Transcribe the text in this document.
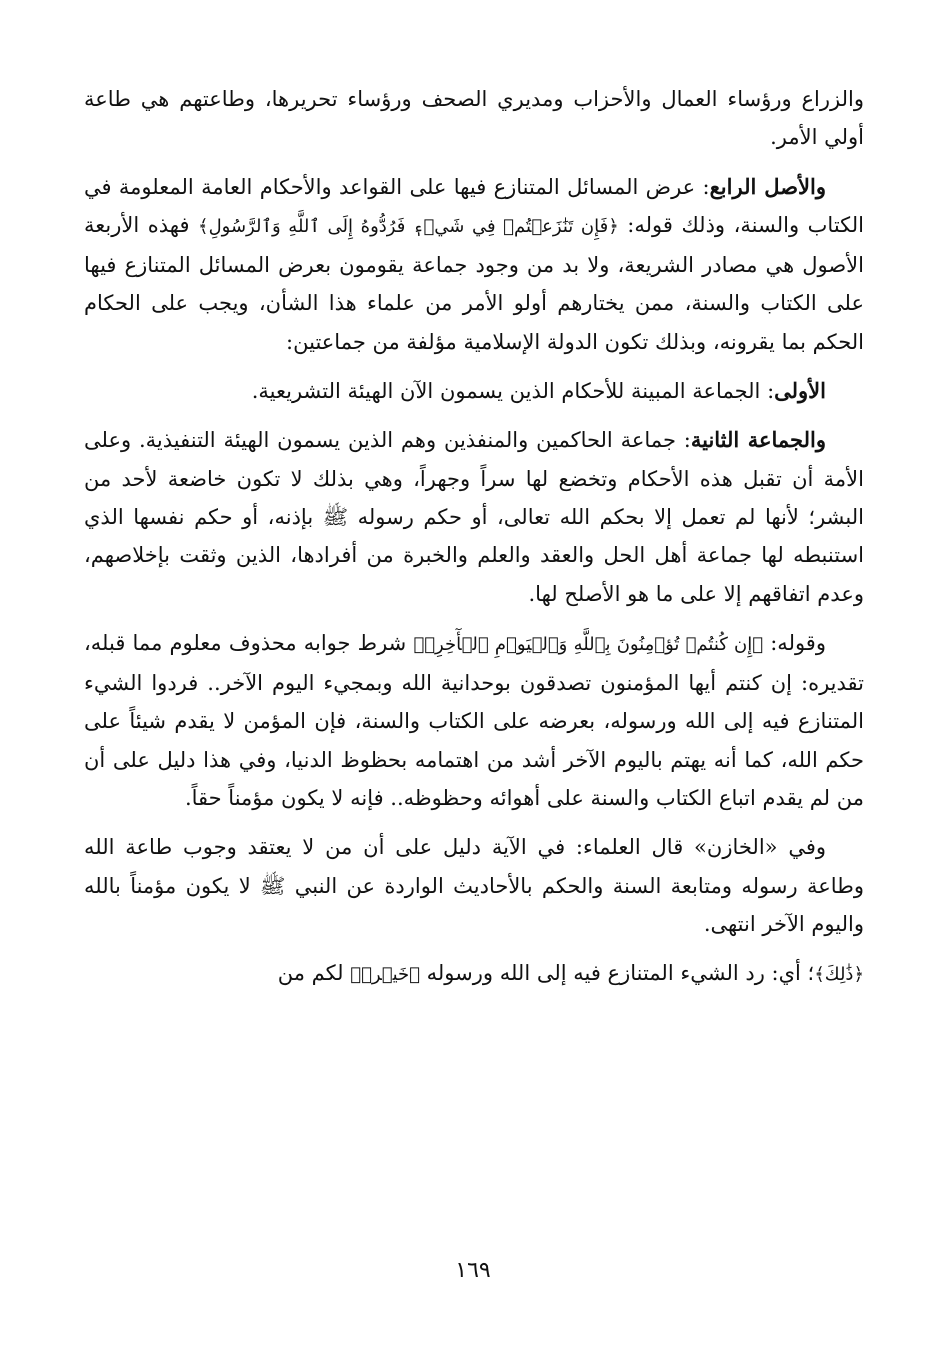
والزراع ورؤساء العمال والأحزاب ومديري الصحف ورؤساء تحريرها، وطاعتهم هي طاعة أولي الأمر.

والأصل الرابع: عرض المسائل المتنازع فيها على القواعد والأحكام العامة المعلومة في الكتاب والسنة، وذلك قوله: ﴿فَإِن تَنَٰزَعۡتُمۡ فِي شَيۡءٖ فَرُدُّوهُ إِلَى ٱللَّهِ وَٱلرَّسُولِ﴾ فهذه الأربعة الأصول هي مصادر الشريعة، ولا بد من وجود جماعة يقومون بعرض المسائل المتنازع فيها على الكتاب والسنة، ممن يختارهم أولو الأمر من علماء هذا الشأن، ويجب على الحكام الحكم بما يقرونه، وبذلك تكون الدولة الإسلامية مؤلفة من جماعتين:

الأولى: الجماعة المبينة للأحكام الذين يسمون الآن الهيئة التشريعية.

والجماعة الثانية: جماعة الحاكمين والمنفذين وهم الذين يسمون الهيئة التنفيذية. وعلى الأمة أن تقبل هذه الأحكام وتخضع لها سراً وجهراً، وهي بذلك لا تكون خاضعة لأحد من البشر؛ لأنها لم تعمل إلا بحكم الله تعالى، أو حكم رسوله ﷺ بإذنه، أو حكم نفسها الذي استنبطه لها جماعة أهل الحل والعقد والعلم والخبرة من أفرادها، الذين وثقت بإخلاصهم، وعدم اتفاقهم إلا على ما هو الأصلح لها.

وقوله: ﴿إِن كُنتُمۡ تُؤۡمِنُونَ بِٱللَّهِ وَٱلۡيَوۡمِ ٱلۡأٓخِرِۚ﴾ شرط جوابه محذوف معلوم مما قبله، تقديره: إن كنتم أيها المؤمنون تصدقون بوحدانية الله وبمجيء اليوم الآخر.. فردوا الشيء المتنازع فيه إلى الله ورسوله، بعرضه على الكتاب والسنة، فإن المؤمن لا يقدم شيئاً على حكم الله، كما أنه يهتم باليوم الآخر أشد من اهتمامه بحظوظ الدنيا، وفي هذا دليل على أن من لم يقدم اتباع الكتاب والسنة على أهوائه وحظوظه.. فإنه لا يكون مؤمناً حقاً.

وفي «الخازن» قال العلماء: في الآية دليل على أن من لا يعتقد وجوب طاعة الله وطاعة رسوله ومتابعة السنة والحكم بالأحاديث الواردة عن النبي ﷺ لا يكون مؤمناً بالله واليوم الآخر انتهى.

﴿ذَٰلِكَ﴾؛ أي: رد الشيء المتنازع فيه إلى الله ورسوله ﴿خَيۡرٞ﴾ لكم من

١٦٩
